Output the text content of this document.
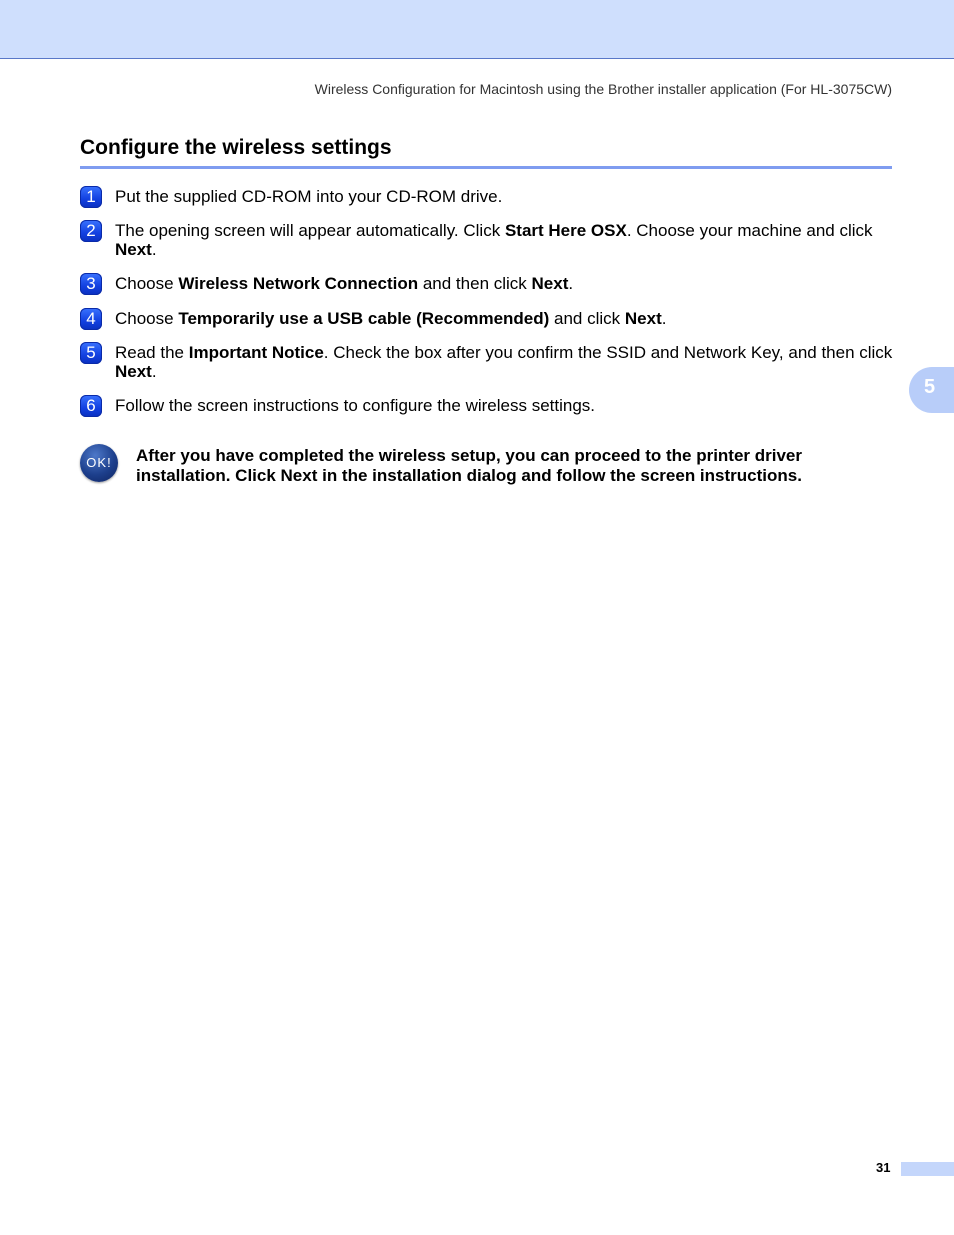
Wireless Configuration for Macintosh using the Brother installer application (For HL-3075CW)
Configure the wireless settings
1	Put the supplied CD-ROM into your CD-ROM drive.
2	The opening screen will appear automatically. Click Start Here OSX. Choose your machine and click Next.
3	Choose Wireless Network Connection and then click Next.
4	Choose Temporarily use a USB cable (Recommended) and click Next.
5	Read the Important Notice. Check the box after you confirm the SSID and Network Key, and then click Next.
6	Follow the screen instructions to configure the wireless settings.
5
OK!	After you have completed the wireless setup, you can proceed to the printer driver installation. Click Next in the installation dialog and follow the screen instructions.
31
